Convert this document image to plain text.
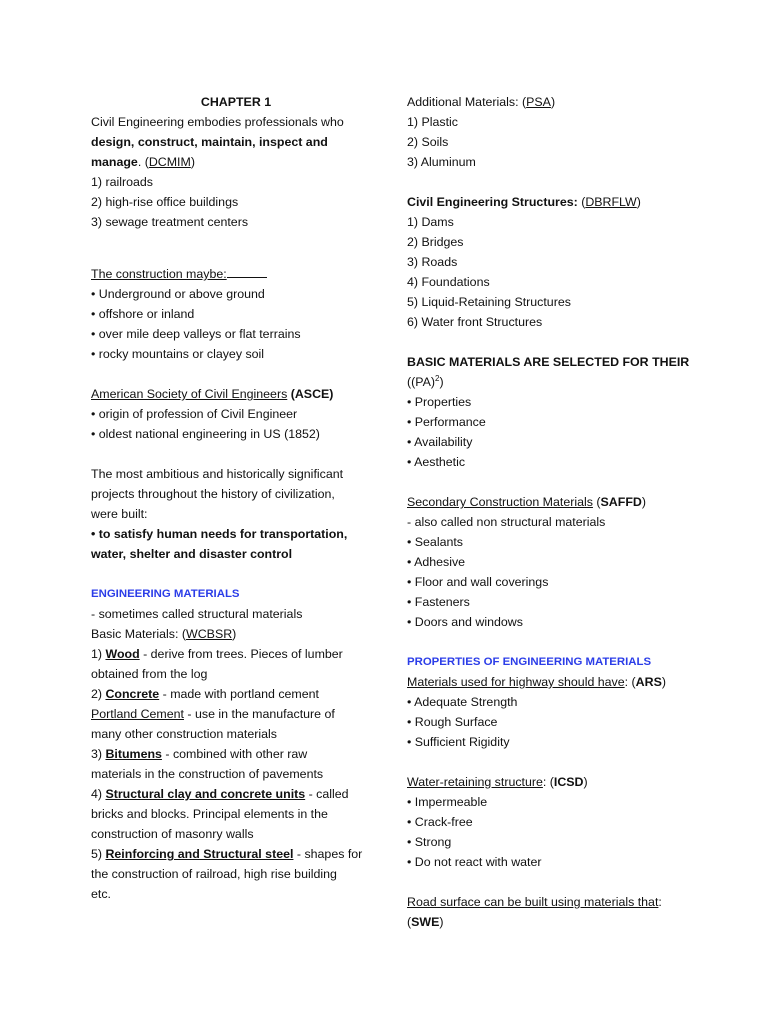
CHAPTER 1
Civil Engineering embodies professionals who
design, construct, maintain, inspect and
manage. (DCMIM)
1) railroads
2) high-rise office buildings
3) sewage treatment centers
The construction maybe:
• Underground or above ground
• offshore or inland
• over mile deep valleys or flat terrains
• rocky mountains or clayey soil
American Society of Civil Engineers (ASCE)
• origin of profession of Civil Engineer
• oldest national engineering in US (1852)
The most ambitious and historically significant
projects throughout the history of civilization,
were built:
• to satisfy human needs for transportation,
water, shelter and disaster control
ENGINEERING MATERIALS
- sometimes called structural materials
Basic Materials: (WCBSR)
1) Wood - derive from trees. Pieces of lumber
obtained from the log
2) Concrete - made with portland cement
Portland Cement - use in the manufacture of
many other construction materials
3) Bitumens - combined with other raw
materials in the construction of pavements
4) Structural clay and concrete units - called
bricks and blocks. Principal elements in the
construction of masonry walls
5) Reinforcing and Structural steel - shapes for
the construction of railroad, high rise building
etc.
Additional Materials: (PSA)
1) Plastic
2) Soils
3) Aluminum
Civil Engineering Structures: (DBRFLW)
1) Dams
2) Bridges
3) Roads
4) Foundations
5) Liquid-Retaining Structures
6) Water front Structures
BASIC MATERIALS ARE SELECTED FOR THEIR
((PA)$^2$)
• Properties
• Performance
• Availability
• Aesthetic
Secondary Construction Materials (SAFFD)
- also called non structural materials
• Sealants
• Adhesive
• Floor and wall coverings
• Fasteners
• Doors and windows
PROPERTIES OF ENGINEERING MATERIALS
Materials used for highway should have: (ARS)
• Adequate Strength
• Rough Surface
• Sufficient Rigidity
Water-retaining structure: (ICSD)
• Impermeable
• Crack-free
• Strong
• Do not react with water
Road surface can be built using materials that:
(SWE)
